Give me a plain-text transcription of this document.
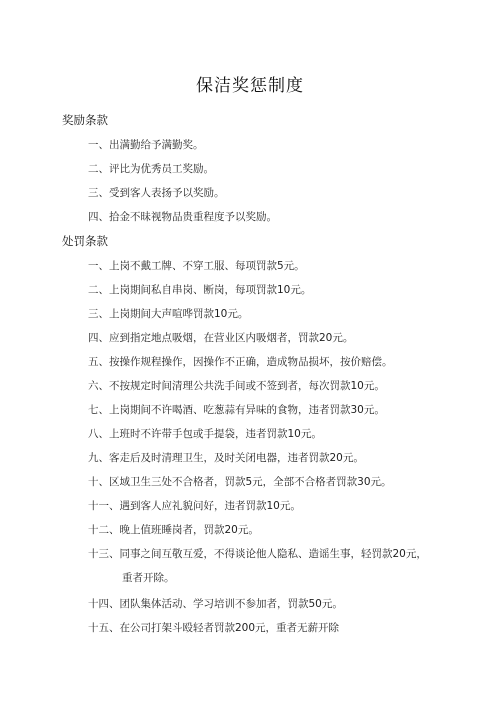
保洁奖惩制度
奖励条款
一、出满勤给予满勤奖。
二、评比为优秀员工奖励。
三、受到客人表扬予以奖励。
四、拾金不昧视物品贵重程度予以奖励。
处罚条款
一、上岗不戴工牌、不穿工服、每项罚款5元。
二、上岗期间私自串岗、断岗，每项罚款10元。
三、上岗期间大声喧哗罚款10元。
四、应到指定地点吸烟，在营业区内吸烟者，罚款20元。
五、按操作规程操作，因操作不正确，造成物品损坏，按价赔偿。
六、不按规定时间清理公共洗手间或不签到者，每次罚款10元。
七、上岗期间不许喝酒、吃葱蒜有异味的食物，违者罚款30元。
八、上班时不许带手包或手提袋，违者罚款10元。
九、客走后及时清理卫生，及时关闭电器，违者罚款20元。
十、区域卫生三处不合格者，罚款5元，全部不合格者罚款30元。
十一、遇到客人应礼貌问好，违者罚款10元。
十二、晚上值班睡岗者，罚款20元。
十三、同事之间互敬互爱，不得谈论他人隐私、造谣生事，轻罚款20元，
重者开除。
十四、团队集体活动、学习培训不参加者，罚款50元。
十五、在公司打架斗殴轻者罚款200元，重者无薪开除
